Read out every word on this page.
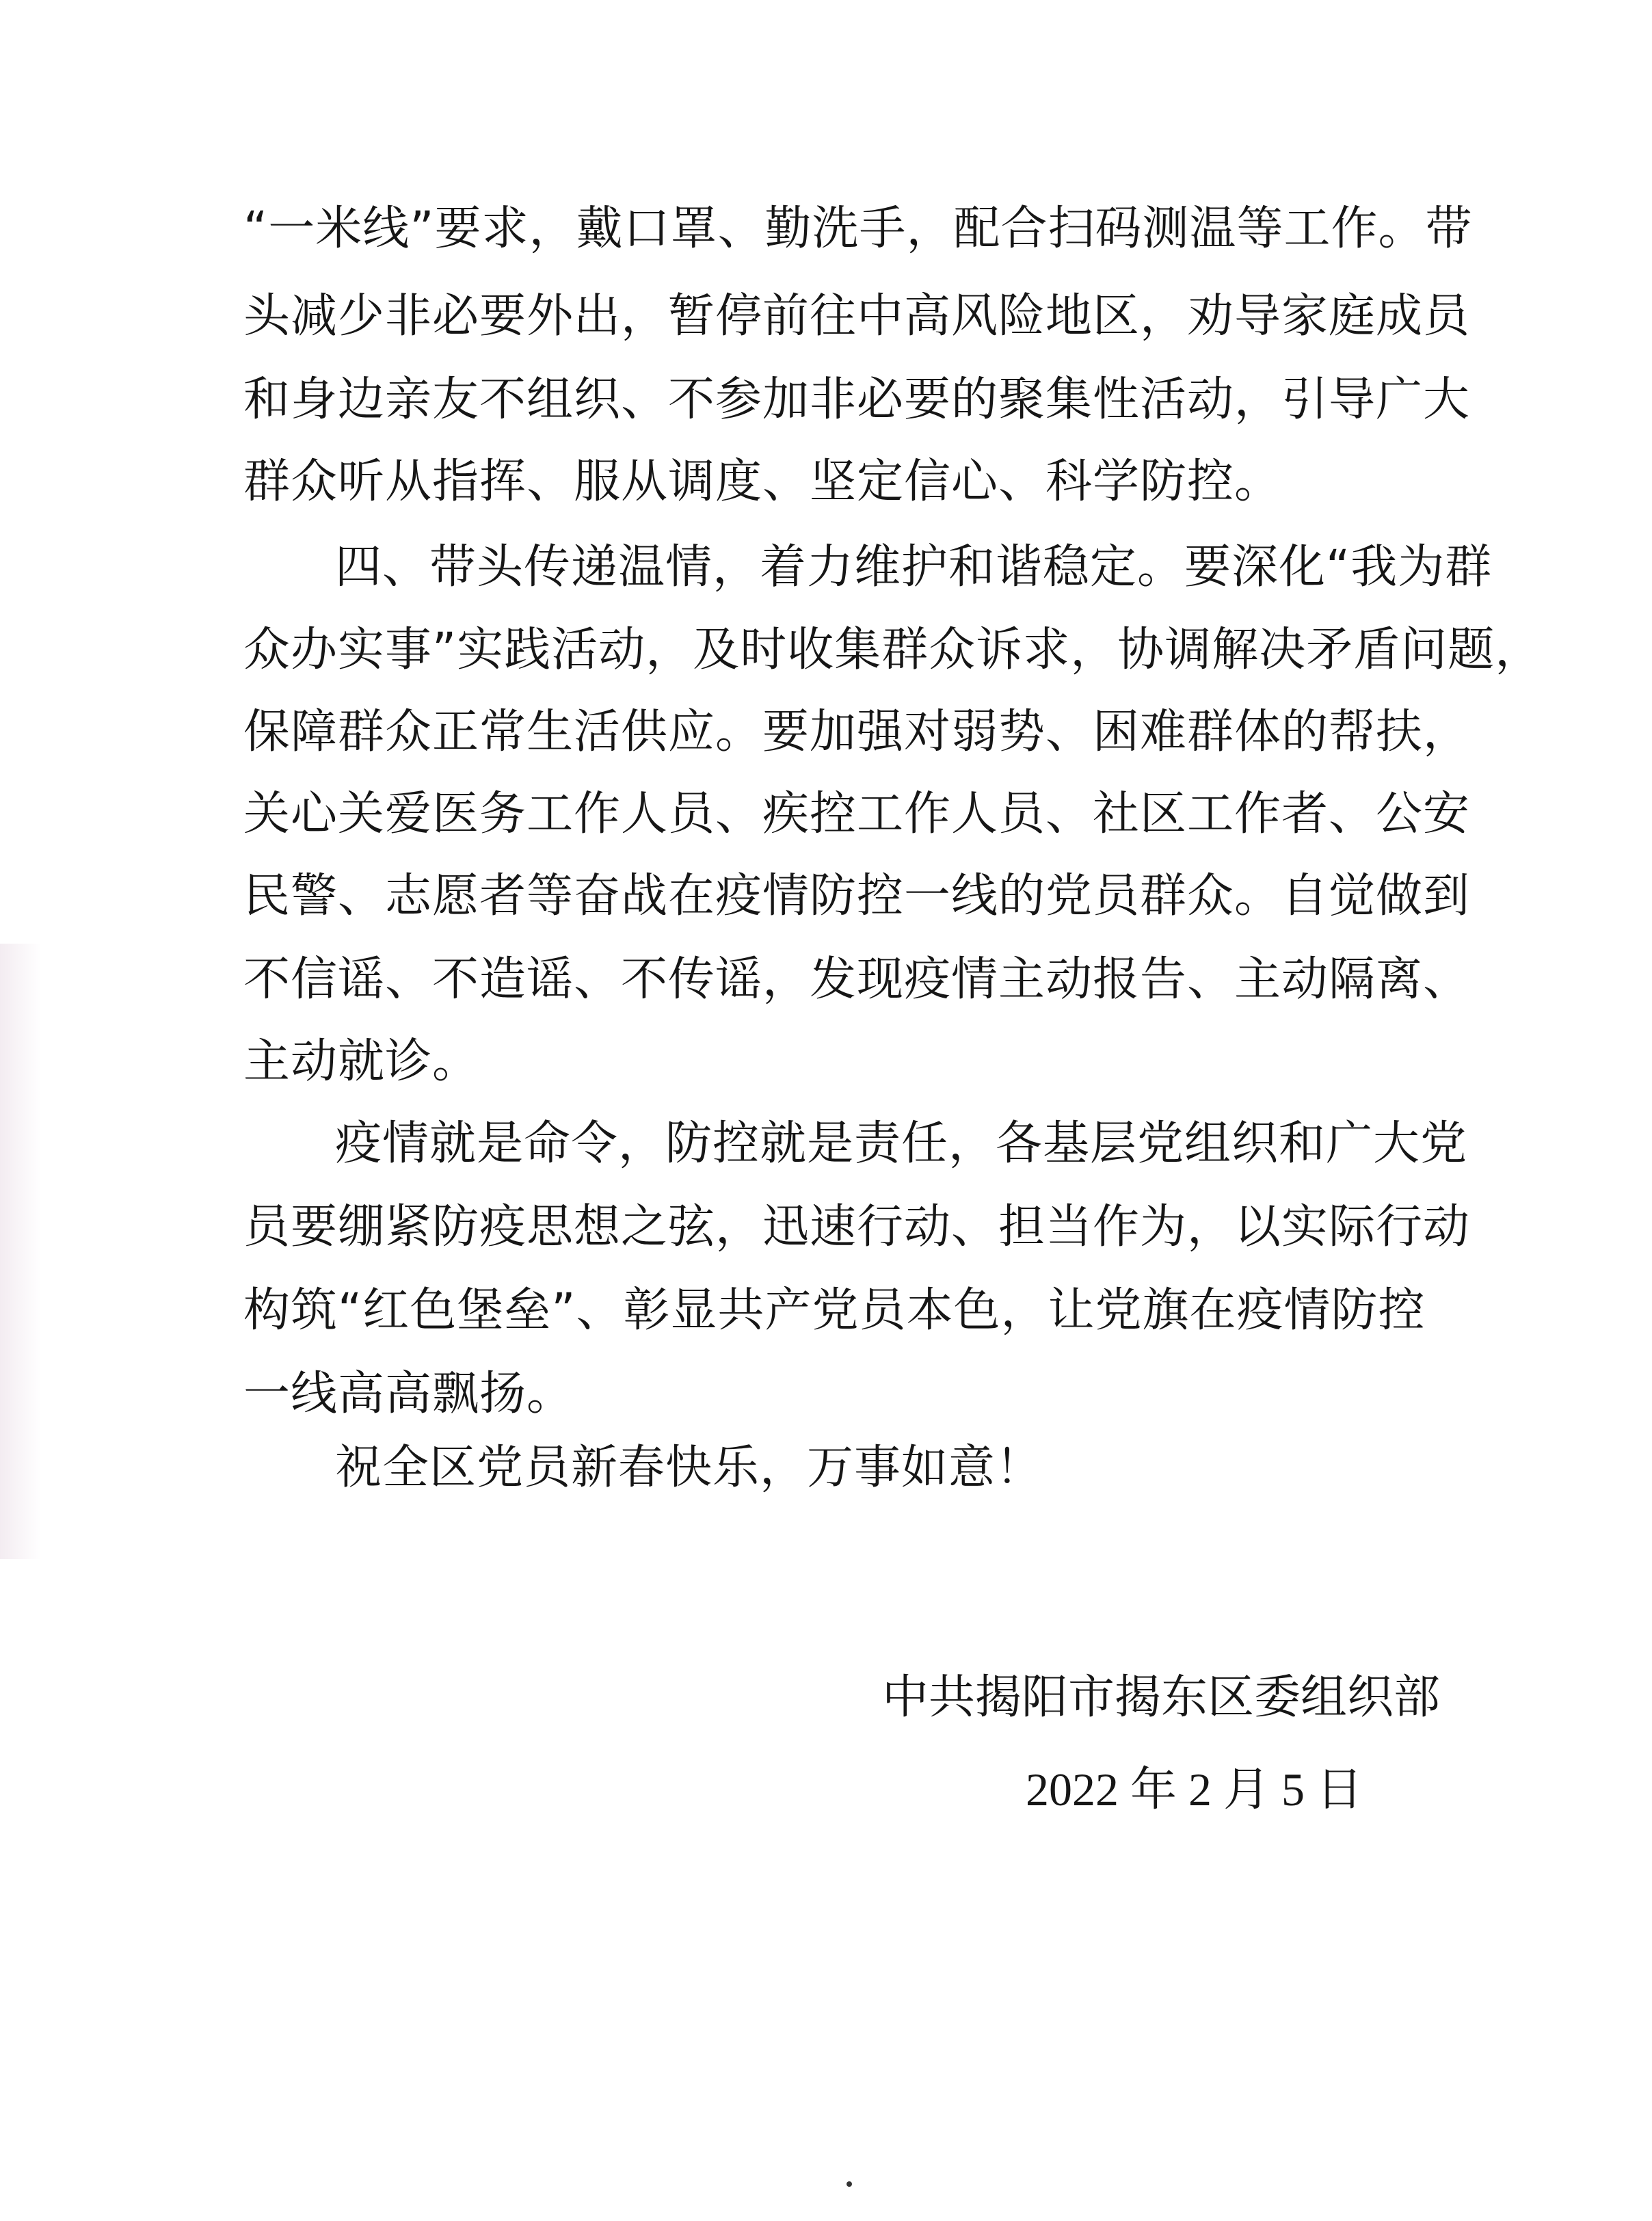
“一米线”要求，戴口罩、勤洗手，配合扫码测温等工作。带
头减少非必要外出，暂停前往中高风险地区，劝导家庭成员
和身边亲友不组织、不参加非必要的聚集性活动，引导广大
群众听从指挥、服从调度、坚定信心、科学防控。
四、带头传递温情，着力维护和谐稳定。要深化“我为群
众办实事”实践活动，及时收集群众诉求，协调解决矛盾问题，
保障群众正常生活供应。要加强对弱势、困难群体的帮扶，
关心关爱医务工作人员、疾控工作人员、社区工作者、公安
民警、志愿者等奋战在疫情防控一线的党员群众。自觉做到
不信谣、不造谣、不传谣，发现疫情主动报告、主动隔离、
主动就诊。
疫情就是命令，防控就是责任，各基层党组织和广大党
员要绷紧防疫思想之弦，迅速行动、担当作为，以实际行动
构筑“红色堡垒”、彰显共产党员本色，让党旗在疫情防控
一线高高飘扬。
祝全区党员新春快乐，万事如意！
中共揭阳市揭东区委组织部
2022 年 2 月 5 日
